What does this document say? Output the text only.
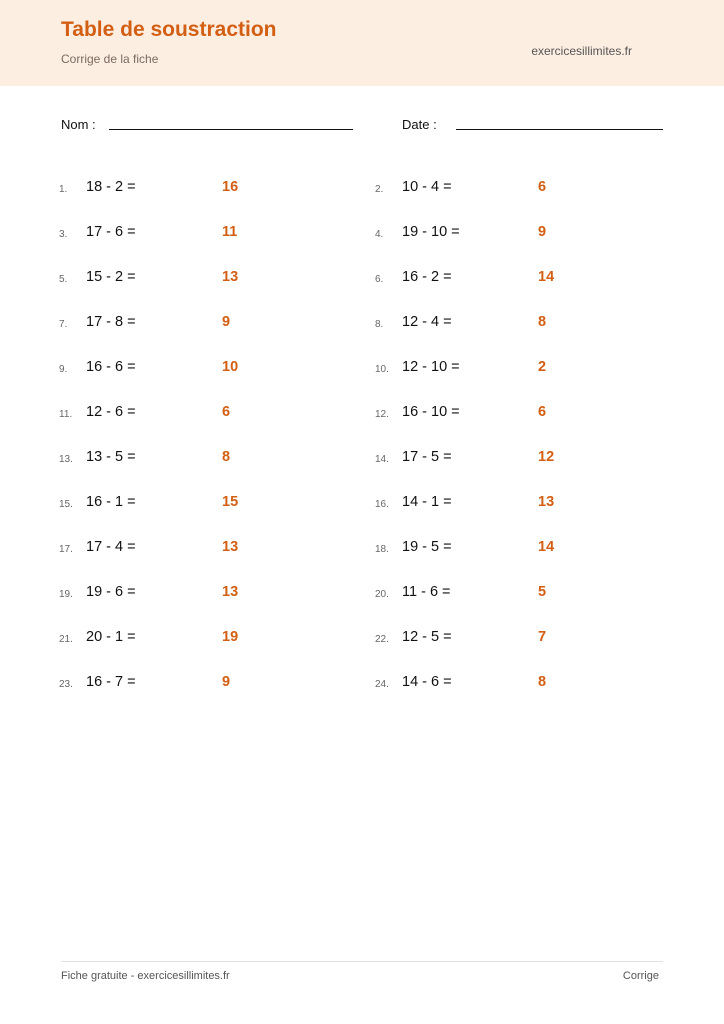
Table de soustraction
Corrige de la fiche
exercicesillimites.fr
Nom :	Date :
1. 18 - 2 =	16	2. 10 - 4 =	6
3. 17 - 6 =	11	4. 19 - 10 =	9
5. 15 - 2 =	13	6. 16 - 2 =	14
7. 17 - 8 =	9	8. 12 - 4 =	8
9. 16 - 6 =	10	10. 12 - 10 =	2
11. 12 - 6 =	6	12. 16 - 10 =	6
13. 13 - 5 =	8	14. 17 - 5 =	12
15. 16 - 1 =	15	16. 14 - 1 =	13
17. 17 - 4 =	13	18. 19 - 5 =	14
19. 19 - 6 =	13	20. 11 - 6 =	5
21. 20 - 1 =	19	22. 12 - 5 =	7
23. 16 - 7 =	9	24. 14 - 6 =	8
Fiche gratuite - exercicesillimites.fr	Corrige
